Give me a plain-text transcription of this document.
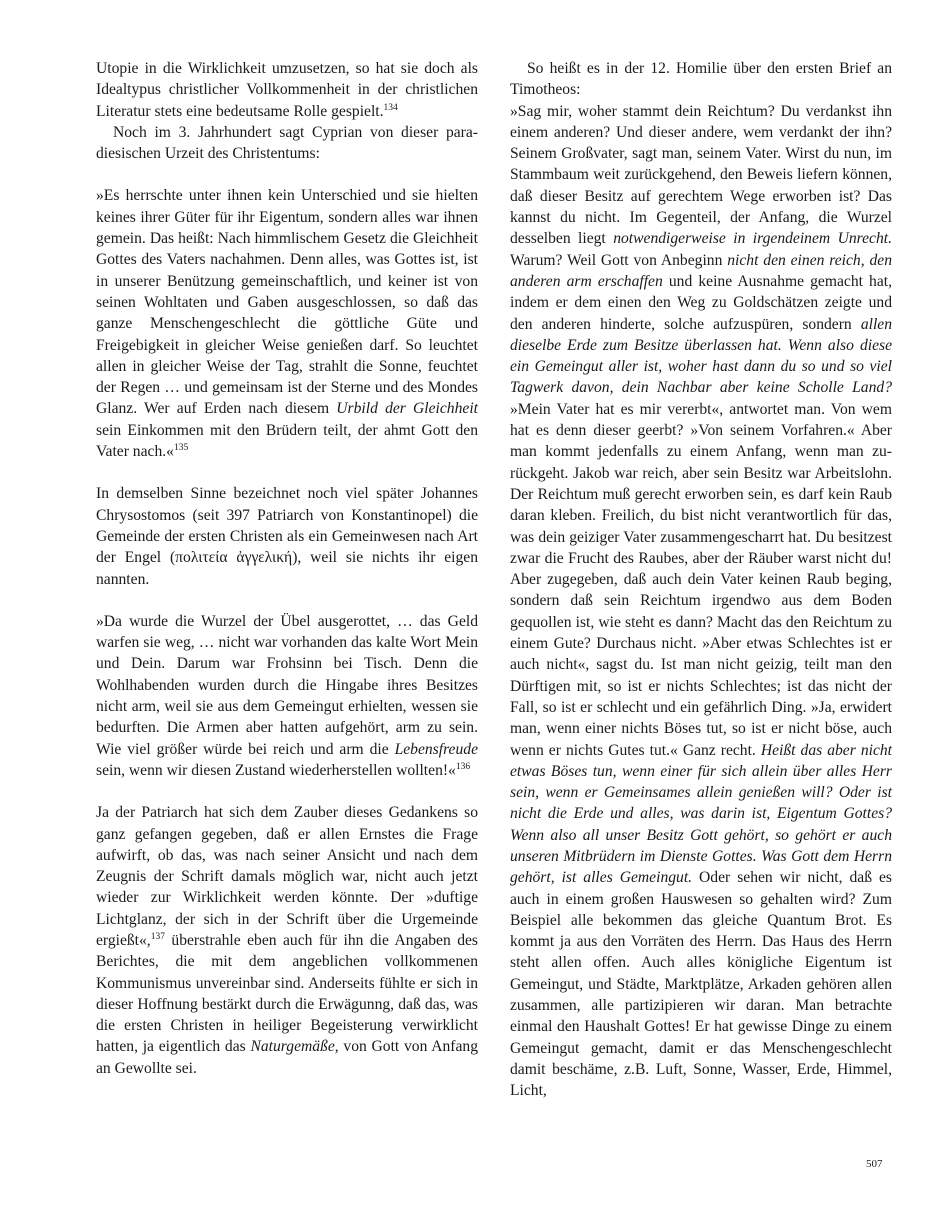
Utopie in die Wirklichkeit umzusetzen, so hat sie doch als Idealtypus christlicher Vollkommenheit in der christlichen Literatur stets eine bedeutsame Rolle gespielt.$^{134}$

Noch im 3. Jahrhundert sagt Cyprian von dieser paradiesischen Urzeit des Christentums:

»Es herrschte unter ihnen kein Unterschied und sie hielten keines ihrer Güter für ihr Eigentum, sondern alles war ihnen gemein. Das heißt: Nach himmlischem Gesetz die Gleichheit Gottes des Vaters nachahmen. Denn alles, was Gottes ist, ist in unserer Benützung gemeinschaftlich, und keiner ist von seinen Wohltaten und Gaben ausgeschlossen, so daß das ganze Menschengeschlecht die göttliche Güte und Freigebigkeit in gleicher Weise genießen darf. So leuchtet allen in gleicher Weise der Tag, strahlt die Sonne, feuchtet der Regen … und gemeinsam ist der Sterne und des Mondes Glanz. Wer auf Erden nach diesem Urbild der Gleichheit sein Einkommen mit den Brüdern teilt, der ahmt Gott den Vater nach.«$^{135}$

In demselben Sinne bezeichnet noch viel später Johannes Chrysostomos (seit 397 Patriarch von Konstantinopel) die Gemeinde der ersten Christen als ein Gemeinwesen nach Art der Engel (πολιτεία ἀγγελική), weil sie nichts ihr eigen nannten.

»Da wurde die Wurzel der Übel ausgerottet, … das Geld warfen sie weg, … nicht war vorhanden das kalte Wort Mein und Dein. Darum war Frohsinn bei Tisch. Denn die Wohlhabenden wurden durch die Hingabe ihres Besitzes nicht arm, weil sie aus dem Gemeingut erhielten, wessen sie bedurften. Die Armen aber hatten aufgehört, arm zu sein. Wie viel größer würde bei reich und arm die Lebensfreude sein, wenn wir diesen Zustand wiederherstellen wollten!«$^{136}$

Ja der Patriarch hat sich dem Zauber dieses Gedankens so ganz gefangen gegeben, daß er allen Ernstes die Frage aufwirft, ob das, was nach seiner Ansicht und nach dem Zeugnis der Schrift damals möglich war, nicht auch jetzt wieder zur Wirklichkeit werden könnte. Der »duftige Lichtglanz, der sich in der Schrift über die Urgemeinde ergießt«,$^{137}$ überstrahle eben auch für ihn die Angaben des Berichtes, die mit dem angeblichen vollkommenen Kommunismus unvereinbar sind. Anderseits fühlte er sich in dieser Hoffnung bestärkt durch die Erwägunng, daß das, was die ersten Christen in heiliger Begeisterung verwirklicht hatten, ja eigentlich das Naturgemäße, von Gott von Anfang an Gewollte sei.

So heißt es in der 12. Homilie über den ersten Brief an Timotheos:

»Sag mir, woher stammt dein Reichtum? Du verdankst ihn einem anderen? Und dieser andere, wem verdankt der ihn? Seinem Großvater, sagt man, seinem Vater. Wirst du nun, im Stammbaum weit zurückgehend, den Beweis liefern können, daß dieser Besitz auf gerechtem Wege erworben ist? Das kannst du nicht. Im Gegenteil, der Anfang, die Wurzel desselben liegt notwendigerweise in irgendeinem Unrecht. Warum? Weil Gott von Anbeginn nicht den einen reich, den anderen arm erschaffen und keine Ausnahme gemacht hat, indem er dem einen den Weg zu Goldschätzen zeigte und den anderen hinderte, solche aufzuspüren, sondern allen dieselbe Erde zum Besitze überlassen hat. Wenn also diese ein Gemeingut aller ist, woher hast dann du so und so viel Tagwerk davon, dein Nachbar aber keine Scholle Land? »Mein Vater hat es mir vererbt«, antwortet man. Von wem hat es denn dieser geerbt? »Von seinem Vorfahren.« Aber man kommt jedenfalls zu einem Anfang, wenn man zurückgeht. Jakob war reich, aber sein Besitz war Arbeitslohn. Der Reichtum muß gerecht erworben sein, es darf kein Raub daran kleben. Freilich, du bist nicht verantwortlich für das, was dein geiziger Vater zusammengescharrt hat. Du besitzest zwar die Frucht des Raubes, aber der Räuber warst nicht du! Aber zugegeben, daß auch dein Vater keinen Raub beging, sondern daß sein Reichtum irgendwo aus dem Boden gequollen ist, wie steht es dann? Macht das den Reichtum zu einem Gute? Durchaus nicht. »Aber etwas Schlechtes ist er auch nicht«, sagst du. Ist man nicht geizig, teilt man den Dürftigen mit, so ist er nichts Schlechtes; ist das nicht der Fall, so ist er schlecht und ein gefährlich Ding. »Ja, erwidert man, wenn einer nichts Böses tut, so ist er nicht böse, auch wenn er nichts Gutes tut.« Ganz recht. Heißt das aber nicht etwas Böses tun, wenn einer für sich allein über alles Herr sein, wenn er Gemeinsames allein genießen will? Oder ist nicht die Erde und alles, was darin ist, Eigentum Gottes? Wenn also all unser Besitz Gott gehört, so gehört er auch unseren Mitbrüdern im Dienste Gottes. Was Gott dem Herrn gehört, ist alles Gemeingut. Oder sehen wir nicht, daß es auch in einem großen Hauswesen so gehalten wird? Zum Beispiel alle bekommen das gleiche Quantum Brot. Es kommt ja aus den Vorräten des Herrn. Das Haus des Herrn steht allen offen. Auch alles königliche Eigentum ist Gemeingut, und Städte, Marktplätze, Arkaden gehören allen zusammen, alle partizipieren wir daran. Man betrachte einmal den Haushalt Gottes! Er hat gewisse Dinge zu einem Gemeingut gemacht, damit er das Menschengeschlecht damit beschäme, z.B. Luft, Sonne, Wasser, Erde, Himmel, Licht,

507
